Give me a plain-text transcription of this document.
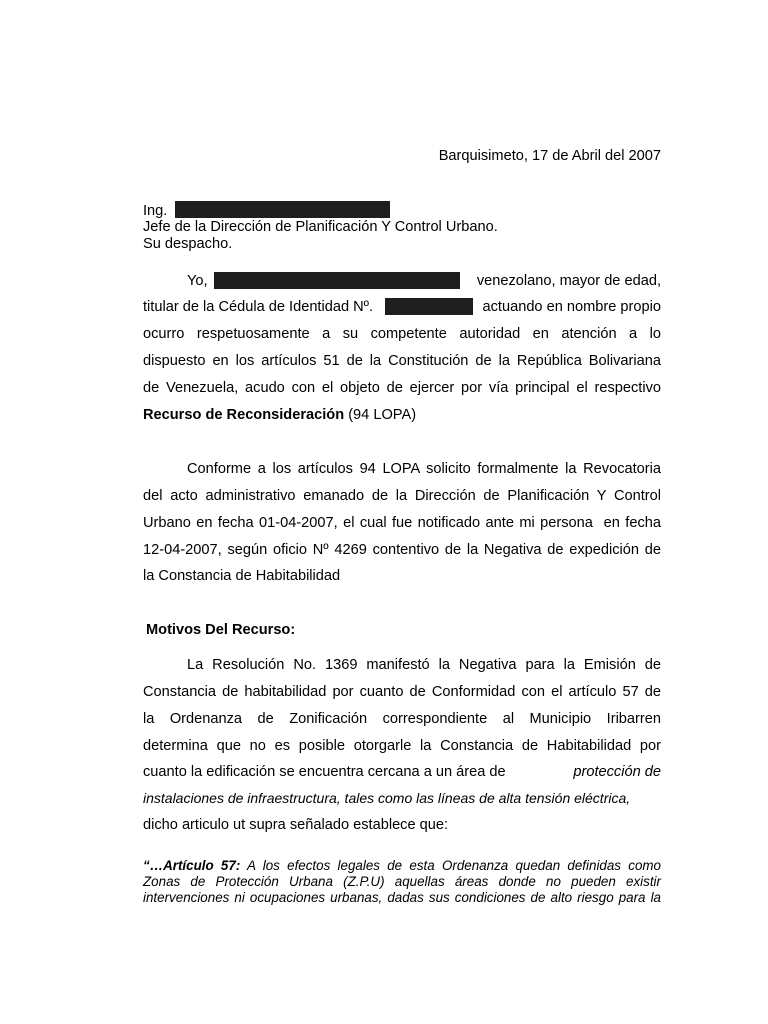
Barquisimeto, 17 de Abril del 2007
Ing.
Jefe de la Dirección de Planificación Y Control Urbano.
Su despacho.
Yo,	venezolano, mayor de edad,
titular de la Cédula de Identidad Nº.	actuando en nombre propio
ocurro respetuosamente a su competente autoridad en atención a lo
dispuesto en los artículos 51 de la Constitución de la República Bolivariana
de Venezuela, acudo con el objeto de ejercer por vía principal el respectivo
Recurso de Reconsideración (94 LOPA)
Conforme a los artículos 94 LOPA solicito formalmente la Revocatoria
del acto administrativo emanado de la Dirección de Planificación Y Control
Urbano en fecha 01-04-2007, el cual fue notificado ante mi persona  en fecha
12-04-2007, según oficio Nº 4269 contentivo de la Negativa de expedición de
la Constancia de Habitabilidad
Motivos Del Recurso:
La Resolución No. 1369 manifestó la Negativa para la Emisión de
Constancia de habitabilidad por cuanto de Conformidad con el artículo 57 de
la Ordenanza de Zonificación correspondiente al Municipio Iribarren
determina que no es posible otorgarle la Constancia de Habitabilidad por
cuanto la edificación se encuentra cercana a un área de	protección de
instalaciones de infraestructura, tales como las líneas de alta tensión eléctrica,
dicho articulo ut supra señalado establece que:
“…Artículo 57: A los efectos legales de esta Ordenanza quedan definidas como
Zonas de Protección Urbana (Z.P.U) aquellas áreas donde no pueden existir
intervenciones ni ocupaciones urbanas, dadas sus condiciones de alto riesgo para la
